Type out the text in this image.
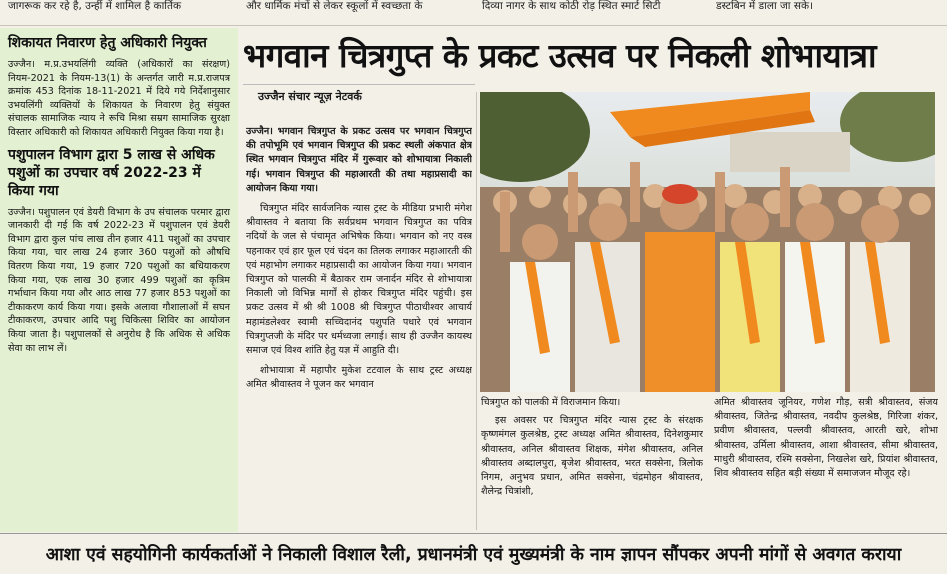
जागरूक कर रहे है, उन्हीं में शामिल है कार्तिक	और धार्मिक मंचों से लेकर स्कूलों में स्वच्छता के	दिव्या नागर के साथ कोठी रोड़ स्थित स्मार्ट सिटी	डस्टबिन में डाला जा सके।
शिकायत निवारण हेतु अधिकारी नियुक्त

उज्जैन। म.प्र.उभयलिंगी व्यक्ति (अधिकारों का संरक्षण) नियम-2021 के नियम-13(1) के अन्तर्गत जारी म.प्र.राजपत्र क्रमांक 453 दिनांक 18-11-2021 में दिये गये निर्देशानुसार उभयलिंगी व्यक्तियों के शिकायत के निवारण हेतु संयुक्त संचालक सामाजिक न्याय ने रूचि मिश्रा सम्रग सामाजिक सुरक्षा विस्तार अधिकारी को शिकायत अधिकारी नियुक्त किया गया है।

पशुपालन विभाग द्वारा 5 लाख से अधिक पशुओं का उपचार वर्ष 2022-23 में किया गया

उज्जैन। पशुपालन एवं डेयरी विभाग के उप संचालक परमार द्वारा जानकारी दी गई कि वर्ष 2022-23 में पशुपालन एवं डेयरी विभाग द्वारा कुल पांच लाख तीन हजार 411 पशुओं का उपचार किया गया, चार लाख 24 हजार 360 पशुओं को औषधि वितरण किया गया, 19 हजार 720 पशुओं का बधियाकरण किया गया, एक लाख 30 हजार 499 पशुओं का कृत्रिम गर्भाधान किया गया और आठ लाख 77 हजार 853 पशुओं का टीकाकरण कार्य किया गया। इसके अलावा गौशालाओं में सघन टीकाकरण, उपचार आदि पशु चिकित्सा शिविर का आयोजन किया जाता है। पशुपालकों से अनुरोध है कि अधिक से अधिक सेवा का लाभ लें।

भगवान चित्रगुप्त के प्रकट उत्सव पर निकली शोभायात्रा
उज्जैन संचार न्यूज़ नेटवर्क
उज्जैन। भगवान चित्रगुप्त के प्रकट उत्सव पर भगवान चित्रगुप्त की तपोभूमि एवं भगवान चित्रगुप्त की प्रकट स्थली अंकपात क्षेत्र स्थित भगवान चित्रगुप्त मंदिर में गुरूवार को शोभायात्रा निकाली गई। भगवान चित्रगुप्त की महाआरती की तथा महाप्रसादी का आयोजन किया गया।
चित्रगुप्त मंदिर सार्वजनिक न्यास ट्रस्ट के मीडिया प्रभारी मंगेश श्रीवास्तव ने बताया कि सर्वप्रथम भगवान चित्रगुप्त का पवित्र नदियों के जल से पंचामृत अभिषेक किया। भगवान को नए वस्त्र पहनाकर एवं हार फूल एवं चंदन का तिलक लगाकर महाआरती की एवं महाभोग लगाकर महाप्रसादी का आयोजन किया गया। भगवान चित्रगुप्त को पालकी में बैठाकर राम जनार्दन मंदिर से शोभायात्रा निकाली जो विभिन्न मार्गों से होकर चित्रगुप्त मंदिर पहुंची। इस प्रकट उत्सव में श्री श्री 1008 श्री चित्रगुप्त पीठाधीश्वर आचार्य महामंडलेश्वर स्वामी सच्चिदानंद पशुपति पधारे एवं भगवान चित्रगुप्तजी के मंदिर पर धर्मध्वजा लगाई। साथ ही उज्जैन कायस्थ समाज एवं विश्व शांति हेतु यज्ञ में आहुति दी।
शोभायात्रा में महापौर मुकेश टटवाल के साथ ट्रस्ट अध्यक्ष अमित श्रीवास्तव ने पूजन कर भगवान
चित्रगुप्त को पालकी में विराजमान किया।
इस अवसर पर चित्रगुप्त मंदिर न्यास ट्रस्ट के संरक्षक कृष्णमंगल कुलश्रेष्ठ, ट्रस्ट अध्यक्ष अमित श्रीवास्तव, दिनेशकुमार श्रीवास्तव, अनिल श्रीवास्तव शिक्षक, मंगेश श्रीवास्तव, अनिल श्रीवास्तव अब्दालपुरा, बृजेश श्रीवास्तव, भरत सक्सेना, त्रिलोक निगम, अनुभव प्रधान, अमित सक्सेना, चंद्रमोहन श्रीवास्तव, शैलेन्द्र चित्रांशी,
अमित श्रीवास्तव जूनियर, गणेश गौड़, सत्री श्रीवास्तव, संजय श्रीवास्तव, जितेन्द्र श्रीवास्तव, नवदीप कुलश्रेष्ठ, गिरिजा शंकर, प्रवीण श्रीवास्तव, पल्लवी श्रीवास्तव, आरती खरे, शोभा श्रीवास्तव, उर्मिला श्रीवास्तव, आशा श्रीवास्तव, सीमा श्रीवास्तव, माधुरी श्रीवास्तव, रश्मि सक्सेना, निखलेश खरे, प्रियांश श्रीवास्तव, शिव श्रीवास्तव सहित बड़ी संख्या में समाजजन मौजूद रहे।
आशा एवं सहयोगिनी कार्यकर्ताओं ने निकाली विशाल रैली, प्रधानमंत्री एवं मुख्यमंत्री के नाम ज्ञापन सौंपकर अपनी मांगों से अवगत कराया
